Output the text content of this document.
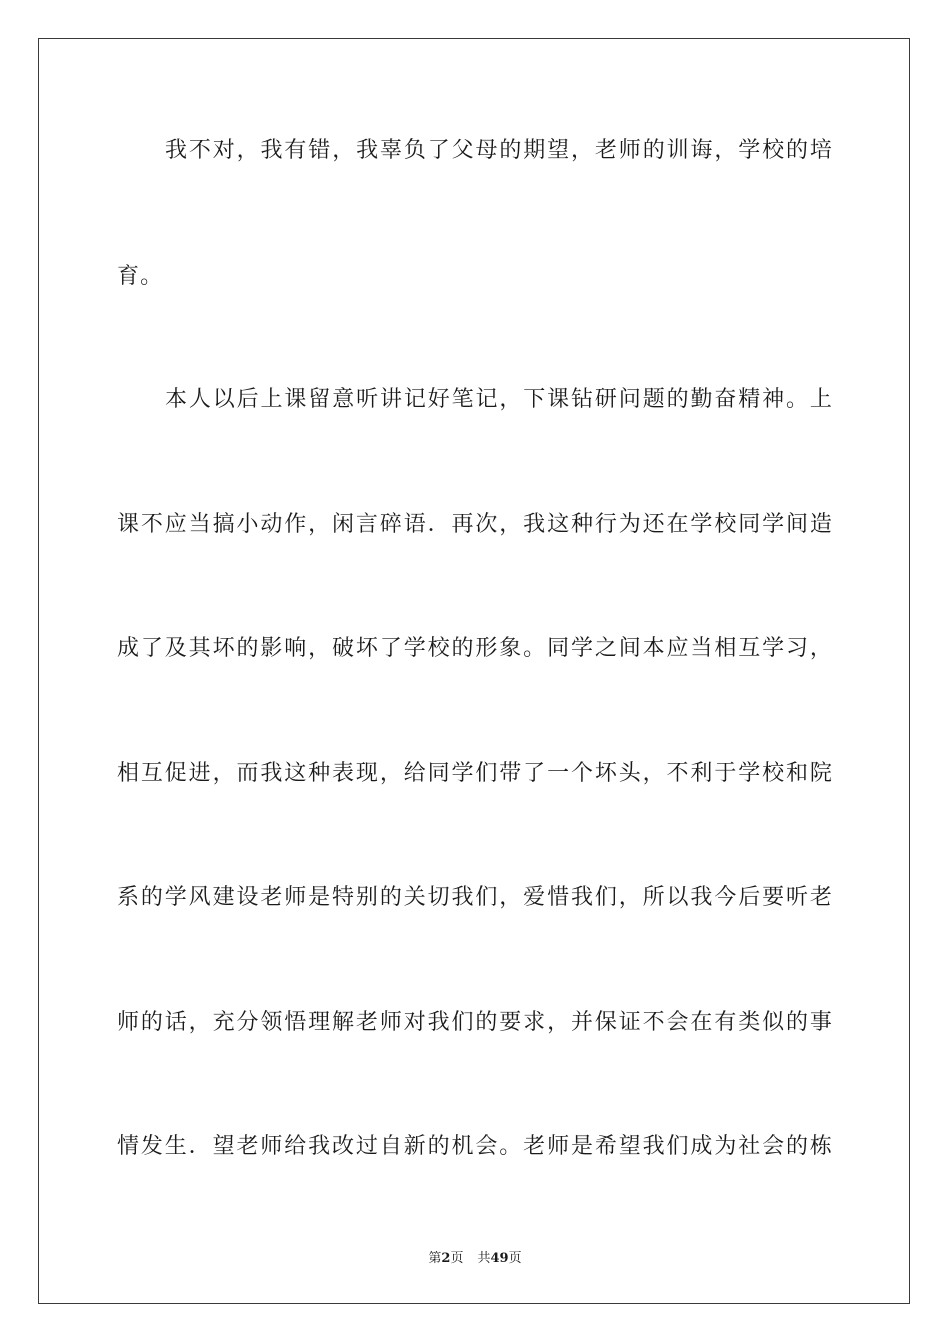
我不对，我有错，我辜负了父母的期望，老师的训诲，学校的培
育。
本人以后上课留意听讲记好笔记，下课钻研问题的勤奋精神。上
课不应当搞小动作，闲言碎语．再次，我这种行为还在学校同学间造
成了及其坏的影响，破坏了学校的形象。同学之间本应当相互学习，
相互促进，而我这种表现，给同学们带了一个坏头，不利于学校和院
系的学风建设老师是特别的关切我们，爱惜我们，所以我今后要听老
师的话，充分领悟理解老师对我们的要求，并保证不会在有类似的事
情发生．望老师给我改过自新的机会。老师是希望我们成为社会的栋
第2页 共49页
